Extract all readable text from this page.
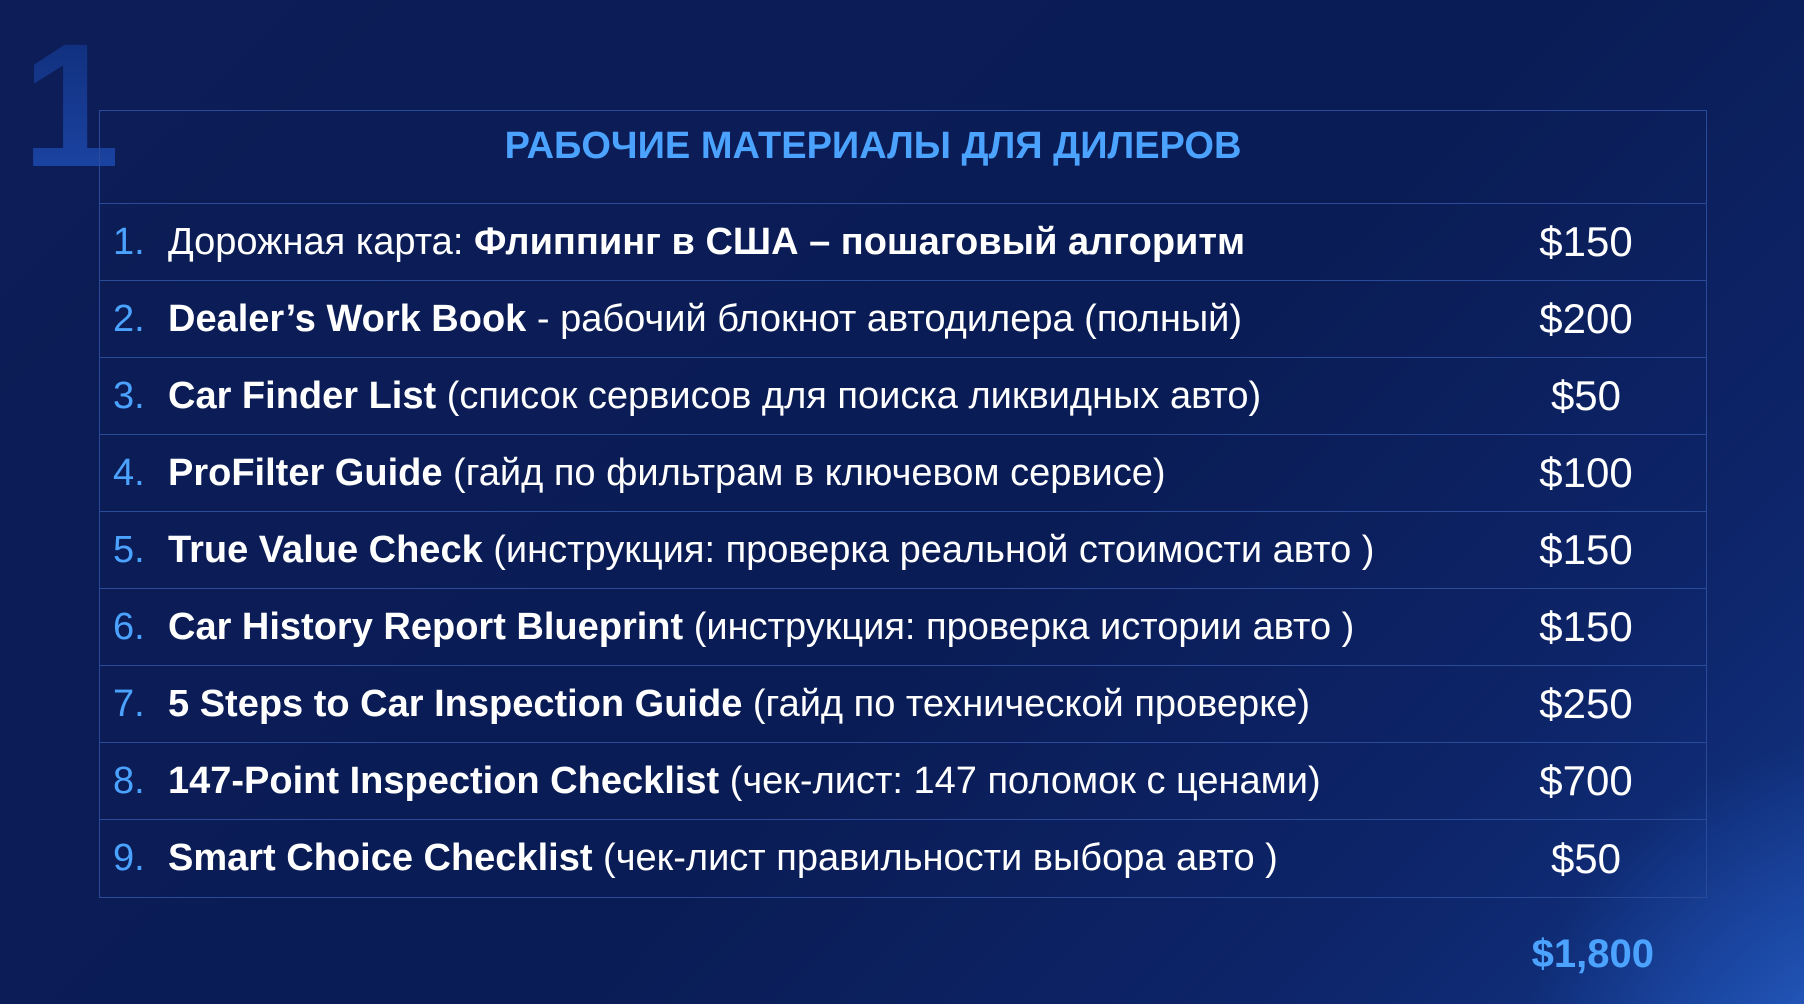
1	РАБОЧИЕ МАТЕРИАЛЫ ДЛЯ ДИЛЕРОВ
1. Дорожная карта: Флиппинг в США – пошаговый алгоритм	$150
2. Dealer’s Work Book - рабочий блокнот автодилера (полный)	$200
3. Car Finder List (список сервисов для поиска ликвидных авто)	$50
4. ProFilter Guide (гайд по фильтрам в ключевом сервисе)	$100
5. True Value Check (инструкция: проверка реальной стоимости авто )	$150
6. Car History Report Blueprint (инструкция: проверка истории авто )	$150
7. 5 Steps to Car Inspection Guide (гайд по технической проверке)	$250
8. 147-Point Inspection Checklist (чек-лист: 147 поломок с ценами)	$700
9. Smart Choice Checklist (чек-лист правильности выбора авто )	$50
$1,800
